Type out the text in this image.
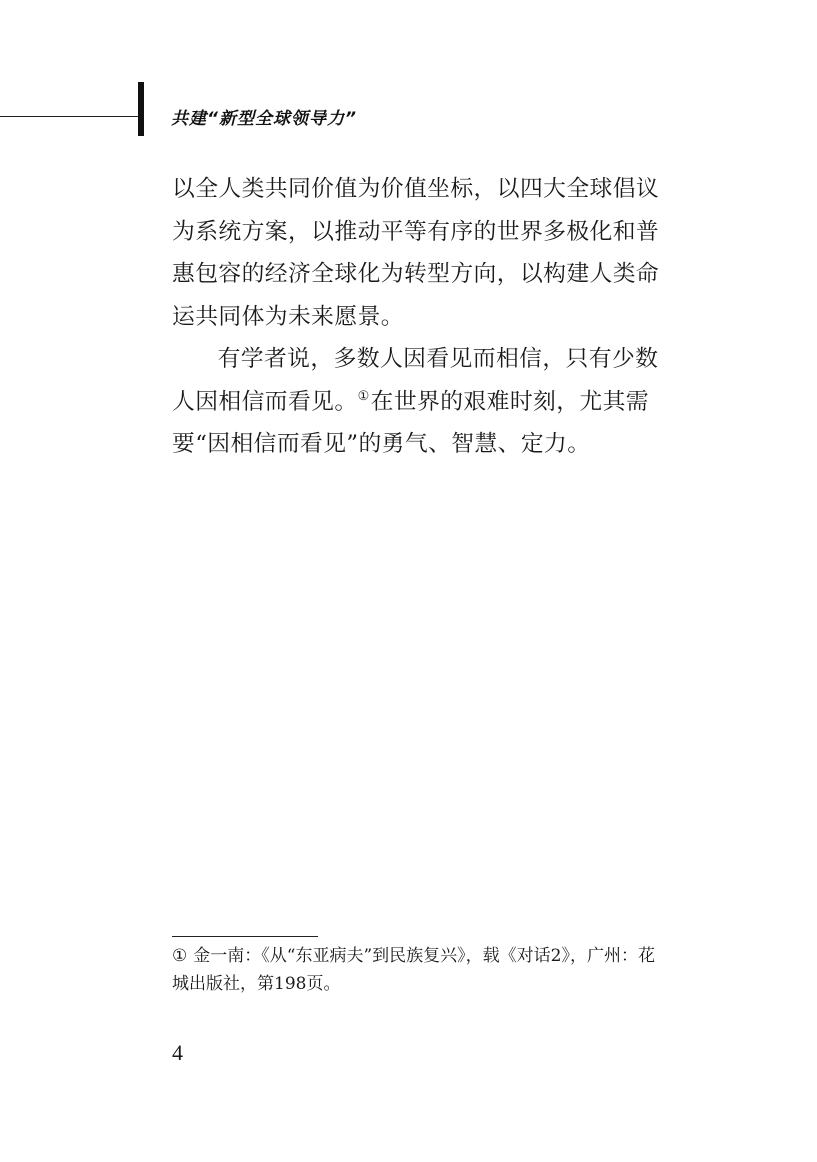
共建“新型全球领导力”

以全人类共同价值为价值坐标，以四大全球倡议为系统方案，以推动平等有序的世界多极化和普惠包容的经济全球化为转型方向，以构建人类命运共同体为未来愿景。

有学者说，多数人因看见而相信，只有少数人因相信而看见。①在世界的艰难时刻，尤其需要“因相信而看见”的勇气、智慧、定力。

① 金一南：《从“东亚病夫”到民族复兴》，载《对话2》，广州：花城出版社，第198页。
4
